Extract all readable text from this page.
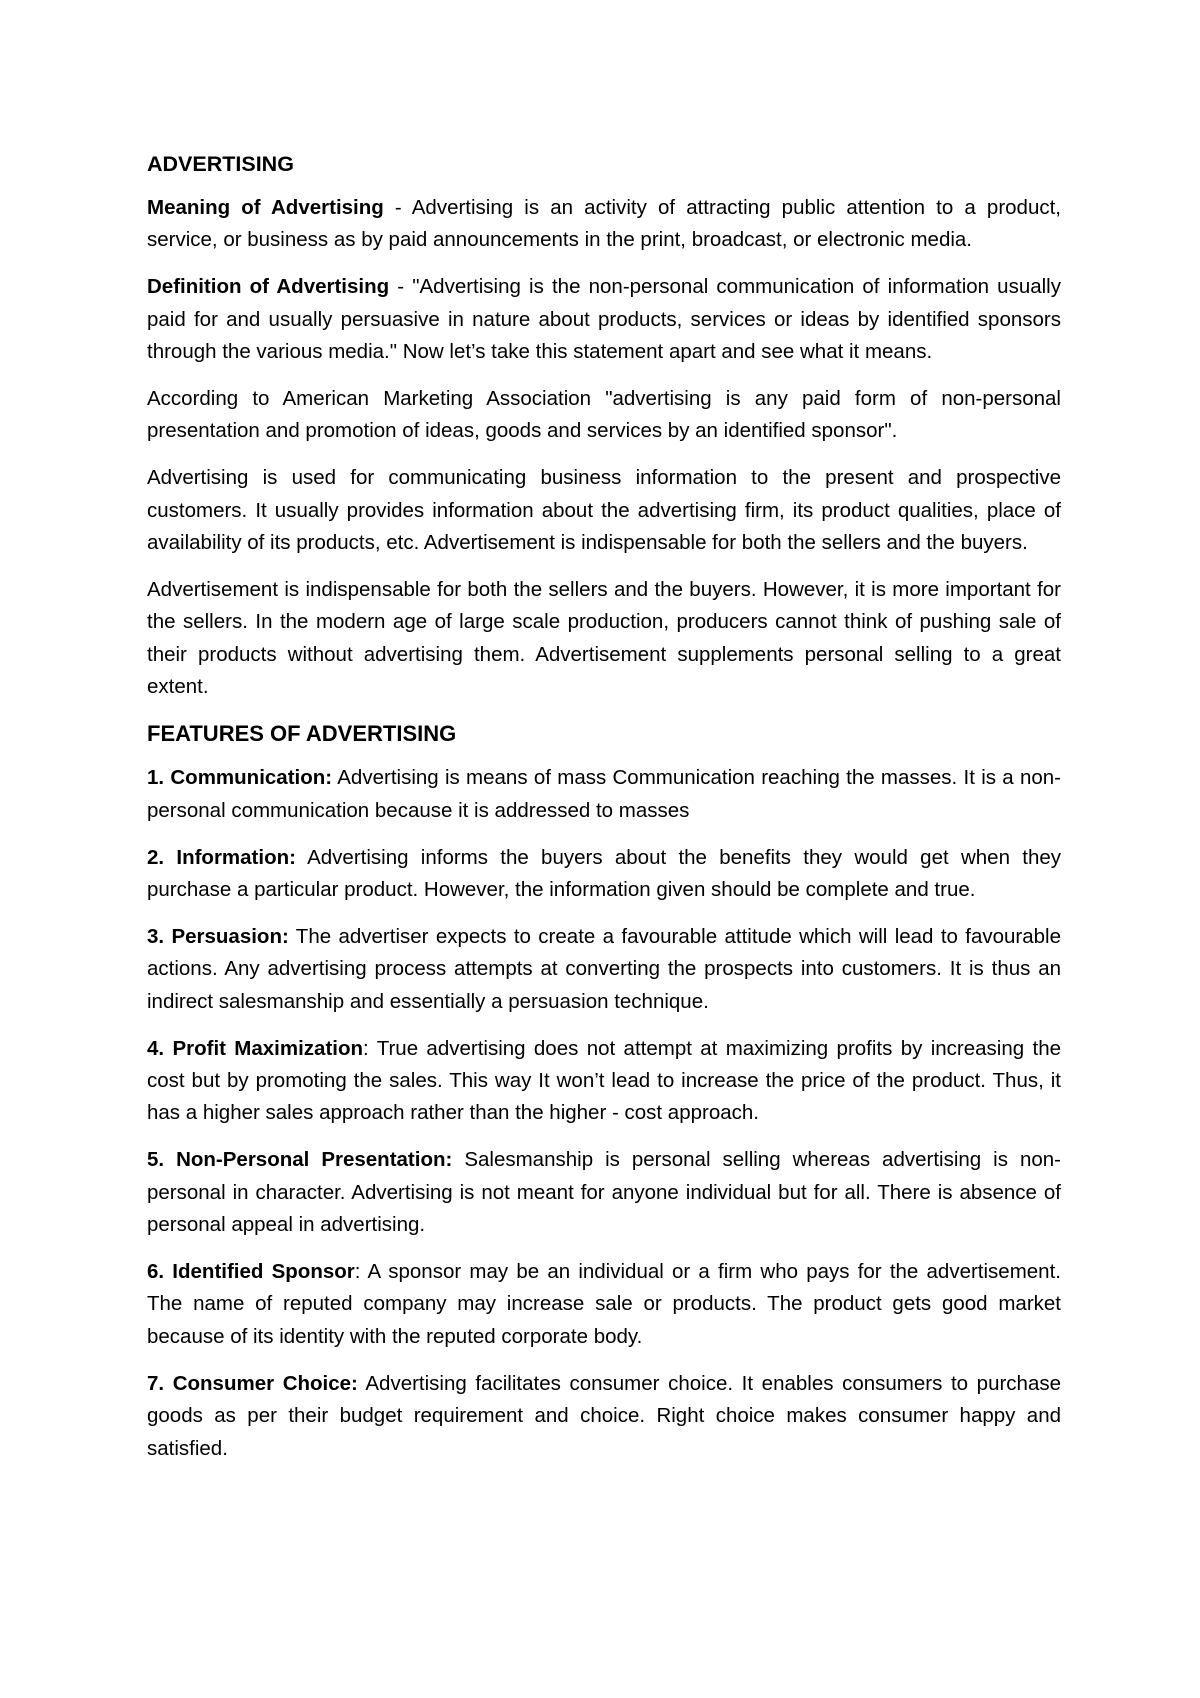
ADVERTISING

Meaning of Advertising - Advertising is an activity of attracting public attention to a product, service, or business as by paid announcements in the print, broadcast, or electronic media.

Definition of Advertising - "Advertising is the non-personal communication of information usually paid for and usually persuasive in nature about products, services or ideas by identified sponsors through the various media." Now let’s take this statement apart and see what it means.

According to American Marketing Association "advertising is any paid form of non-personal presentation and promotion of ideas, goods and services by an identified sponsor".

Advertising is used for communicating business information to the present and prospective customers. It usually provides information about the advertising firm, its product qualities, place of availability of its products, etc. Advertisement is indispensable for both the sellers and the buyers.

Advertisement is indispensable for both the sellers and the buyers. However, it is more important for the sellers. In the modern age of large scale production, producers cannot think of pushing sale of their products without advertising them. Advertisement supplements personal selling to a great extent.

FEATURES OF ADVERTISING

1. Communication: Advertising is means of mass Communication reaching the masses. It is a non-personal communication because it is addressed to masses

2. Information: Advertising informs the buyers about the benefits they would get when they purchase a particular product. However, the information given should be complete and true.

3. Persuasion: The advertiser expects to create a favourable attitude which will lead to favourable actions. Any advertising process attempts at converting the prospects into customers. It is thus an indirect salesmanship and essentially a persuasion technique.

4. Profit Maximization: True advertising does not attempt at maximizing profits by increasing the cost but by promoting the sales. This way It won’t lead to increase the price of the product. Thus, it has a higher sales approach rather than the higher - cost approach.

5. Non-Personal Presentation: Salesmanship is personal selling whereas advertising is non-personal in character. Advertising is not meant for anyone individual but for all. There is absence of personal appeal in advertising.

6. Identified Sponsor: A sponsor may be an individual or a firm who pays for the advertisement. The name of reputed company may increase sale or products. The product gets good market because of its identity with the reputed corporate body.

7. Consumer Choice: Advertising facilitates consumer choice. It enables consumers to purchase goods as per their budget requirement and choice. Right choice makes consumer happy and satisfied.
